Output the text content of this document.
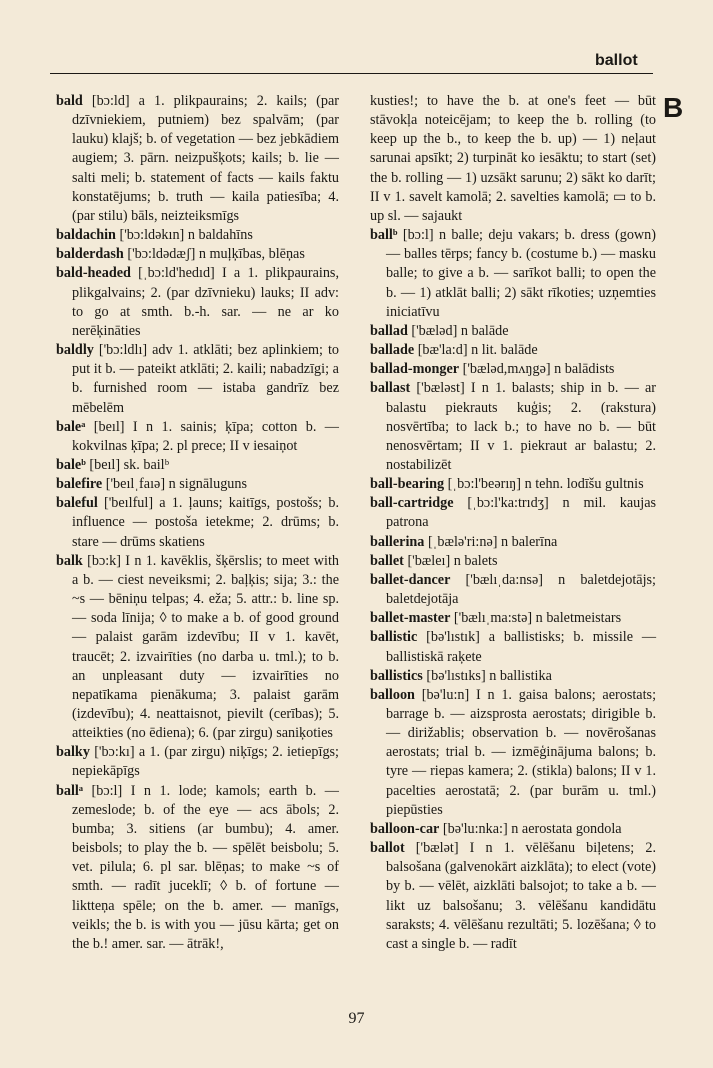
ballot
B

bald [bɔ:ld] a 1. plikpaurains; 2. kails; (par dzīvniekiem, putniem) bez spalvām; (par lauku) klajš; b. of vegetation — bez jebkādiem augiem; 3. pārn. neizpušķots; kails; b. lie — salti meli; b. statement of facts — kails faktu konstatējums; b. truth — kaila patiesība; 4. (par stilu) bāls, neizteiksmīgs

baldachin ['bɔ:ldəkın] n baldahīns

balderdash ['bɔ:ldədæʃ] n muļķības, blēņas

bald-headed [ˌbɔ:ld'hedıd] I a 1. plikpaurains, plikgalvains; 2. (par dzīvnieku) lauks; II adv: to go at smth. b.-h. sar. — ne ar ko nerēķināties

baldly ['bɔ:ldlı] adv 1. atklāti; bez aplinkiem; to put it b. — pateikt atklāti; 2. kaili; nabadzīgi; a b. furnished room — istaba gandrīz bez mēbelēm

baleᵃ [beıl] I n 1. sainis; ķīpa; cotton b. — kokvilnas ķīpa; 2. pl prece; II v iesaiņot

baleᵇ [beıl] sk. bailᵇ

balefire ['beılˌfaıə] n signāluguns

baleful ['beılful] a 1. ļauns; kaitīgs, postošs; b. influence — postoša ietekme; 2. drūms; b. stare — drūms skatiens

balk [bɔ:k] I n 1. kavēklis, šķērslis; to meet with a b. — ciest neveiksmi; 2. baļķis; sija; 3.: the ~s — bēniņu telpas; 4. eža; 5. attr.: b. line sp. — soda līnija; ◊ to make a b. of good ground — palaist garām izdevību; II v 1. kavēt, traucēt; 2. izvairīties (no darba u. tml.); to b. an unpleasant duty — izvairīties no nepatīkama pienākuma; 3. palaist garām (izdevību); 4. neattaisnot, pievilt (cerības); 5. atteikties (no ēdiena); 6. (par zirgu) saniķoties

balky ['bɔ:kı] a 1. (par zirgu) niķīgs; 2. ietiepīgs; nepiekāpīgs

ballᵃ [bɔ:l] I n 1. lode; kamols; earth b. — zemeslode; b. of the eye — acs ābols; 2. bumba; 3. sitiens (ar bumbu); 4. amer. beisbols; to play the b. — spēlēt beisbolu; 5. vet. pilula; 6. pl sar. blēņas; to make ~s of smth. — radīt juceklī; ◊ b. of fortune — liktteņa spēle; on the b. amer. — manīgs, veikls; the b. is with you — jūsu kārta; get on the b.! amer. sar. — ātrāk!,

kusties!; to have the b. at one's feet — būt stāvokļa noteicējam; to keep the b. rolling (to keep up the b., to keep the b. up) — 1) neļaut sarunai apsīkt; 2) turpināt ko iesāktu; to start (set) the b. rolling — 1) uzsākt sarunu; 2) sākt ko darīt; II v 1. savelt kamolā; 2. savelties kamolā; ▭ to b. up sl. — sajaukt

ballᵇ [bɔ:l] n balle; deju vakars; b. dress (gown) — balles tērps; fancy b. (costume b.) — masku balle; to give a b. — sarīkot balli; to open the b. — 1) atklāt balli; 2) sākt rīkoties; uzņemties iniciatīvu

ballad ['bæləd] n balāde

ballade [bæ'la:d] n lit. balāde

ballad-monger ['bæləd,mʌŋgə] n balādists

ballast ['bæləst] I n 1. balasts; ship in b. — ar balastu piekrauts kuģis; 2. (rakstura) nosvērtība; to lack b.; to have no b. — būt nenosvērtam; II v 1. piekraut ar balastu; 2. nostabilizēt

ball-bearing [ˌbɔ:l'beərıŋ] n tehn. lodīšu gultnis

ball-cartridge [ˌbɔ:l'ka:trıdʒ] n mil. kaujas patrona

ballerina [ˌbælə'ri:nə] n balerīna

ballet ['bæleı] n balets

ballet-dancer ['bælıˌda:nsə] n baletdejotājs; baletdejotāja

ballet-master ['bælıˌma:stə] n baletmeistars

ballistic [bə'lıstık] a ballistisks; b. missile — ballistiskā raķete

ballistics [bə'lıstıks] n ballistika

balloon [bə'lu:n] I n 1. gaisa balons; aerostats; barrage b. — aizsprosta aerostats; dirigible b. — dirižablis; observation b. — novērošanas aerostats; trial b. — izmēģinājuma balons; b. tyre — riepas kamera; 2. (stikla) balons; II v 1. pacelties aerostatā; 2. (par burām u. tml.) piepūsties

balloon-car [bə'lu:nka:] n aerostata gondola

ballot ['bælət] I n 1. vēlēšanu biļetens; 2. balsošana (galvenokārt aizklāta); to elect (vote) by b. — vēlēt, aizklāti balsojot; to take a b. — likt uz balsošanu; 3. vēlēšanu kandidātu saraksts; 4. vēlēšanu rezultāti; 5. lozēšana; ◊ to cast a single b. — radīt

97
